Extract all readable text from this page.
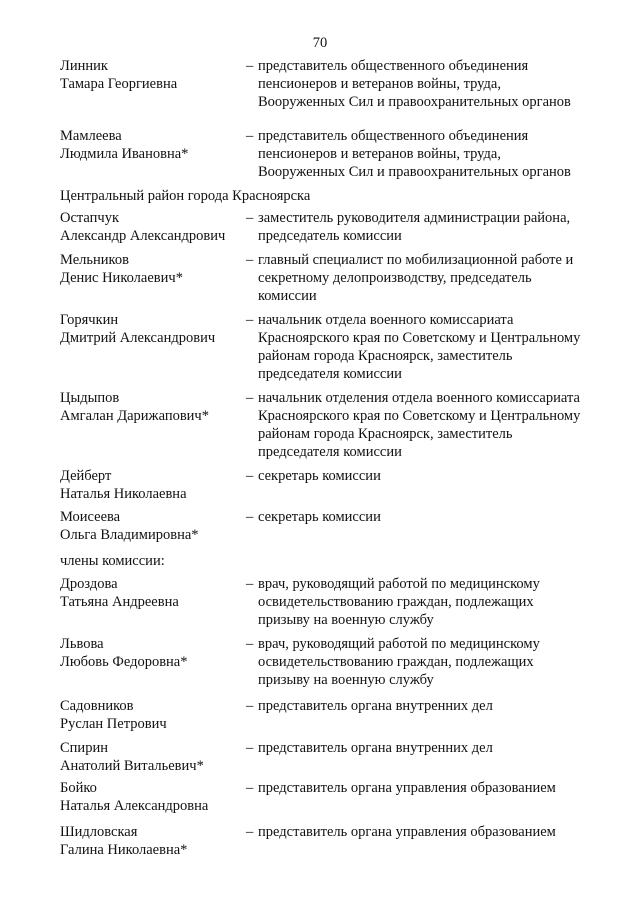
70
Линник
Тамара Георгиевна
– представитель общественного объединения
пенсионеров и ветеранов войны, труда,
Вооруженных Сил и правоохранительных органов
Мамлеева
Людмила Ивановна*
– представитель общественного объединения
пенсионеров и ветеранов войны, труда,
Вооруженных Сил и правоохранительных органов
Центральный район города Красноярска
Остапчук
Александр Александрович
– заместитель руководителя администрации района,
председатель комиссии
Мельников
Денис Николаевич*
– главный специалист по мобилизационной работе и
секретному делопроизводству, председатель
комиссии
Горячкин
Дмитрий Александрович
– начальник отдела военного комиссариата
Красноярского края по Советскому и Центральному
районам города Красноярск, заместитель
председателя комиссии
Цыдыпов
Амгалан Дарижапович*
– начальник отделения отдела военного комиссариата
Красноярского края по Советскому и Центральному
районам города Красноярск, заместитель
председателя комиссии
Дейберт
Наталья Николаевна
– секретарь комиссии
Моисеева
Ольга Владимировна*
– секретарь комиссии
члены комиссии:
Дроздова
Татьяна Андреевна
– врач, руководящий работой по медицинскому
освидетельствованию граждан, подлежащих
призыву на военную службу
Львова
Любовь Федоровна*
– врач, руководящий работой по медицинскому
освидетельствованию граждан, подлежащих
призыву на военную службу
Садовников
Руслан Петрович
– представитель органа внутренних дел
Спирин
Анатолий Витальевич*
– представитель органа внутренних дел
Бойко
Наталья Александровна
– представитель органа управления образованием
Шидловская
Галина Николаевна*
– представитель органа управления образованием
